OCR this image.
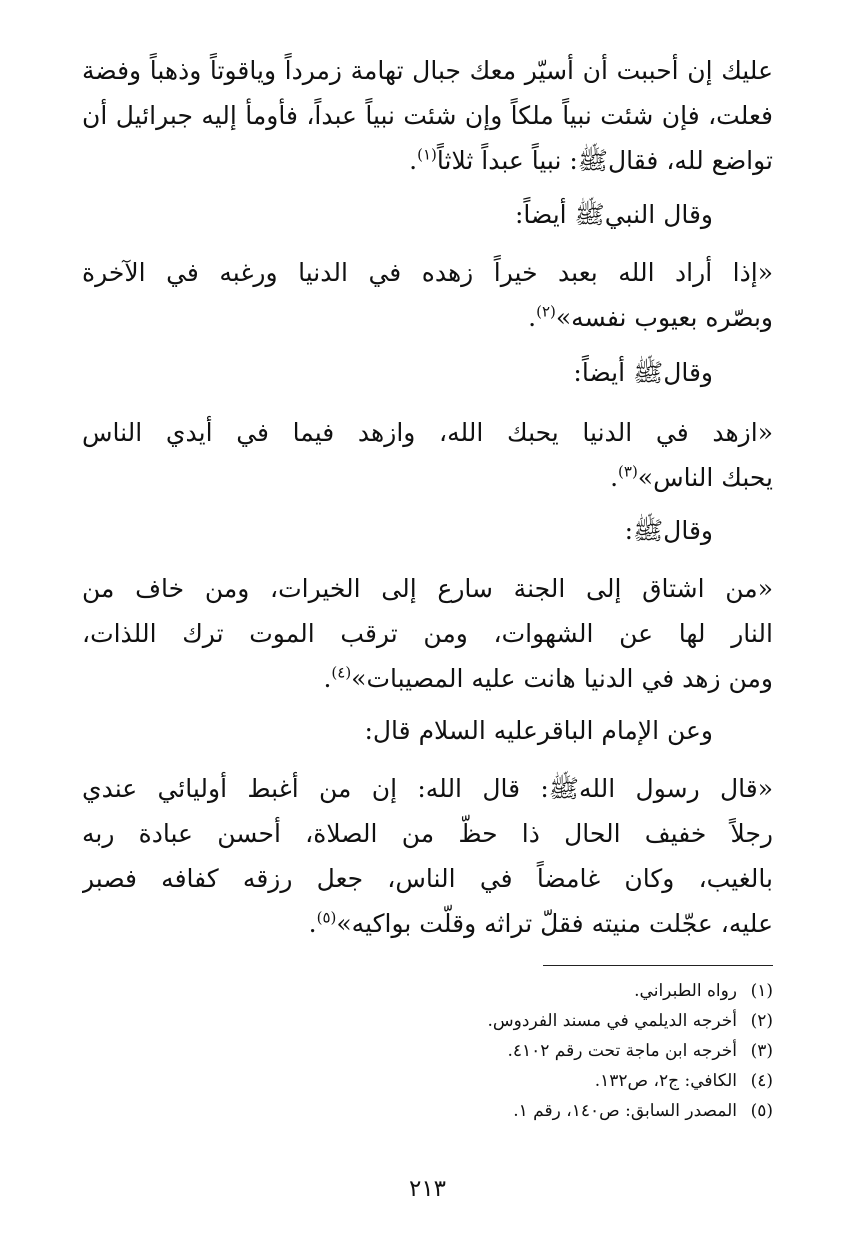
عليك إن أحببت أن أسيّر معك جبال تهامة زمرداً وياقوتاً وذهباً وفضة
فعلت، فإن شئت نبياً ملكاً وإن شئت نبياً عبداً، فأومأ إليه جبرائيل أن
تواضع لله، فقالﷺ: نبياً عبداً ثلاثاً$^{(١)}$.
وقال النبيﷺ أيضاً:
«إذا أراد الله بعبد خيراً زهده في الدنيا ورغبه في الآخرة
وبصّره بعيوب نفسه»$^{(٢)}$.
وقالﷺ أيضاً:
«ازهد في الدنيا يحبك الله، وازهد فيما في أيدي الناس
يحبك الناس»$^{(٣)}$.
وقالﷺ:
«من اشتاق إلى الجنة سارع إلى الخيرات، ومن خاف من
النار لها عن الشهوات، ومن ترقب الموت ترك اللذات،
ومن زهد في الدنيا هانت عليه المصيبات»$^{(٤)}$.
وعن الإمام الباقرعليه السلام قال:
«قال رسول اللهﷺ: قال الله: إن من أغبط أوليائي عندي
رجلاً خفيف الحال ذا حظّ من الصلاة، أحسن عبادة ربه
بالغيب، وكان غامضاً في الناس، جعل رزقه كفافه فصبر
عليه، عجّلت منيته فقلّ تراثه وقلّت بواكيه»$^{(٥)}$.
(١)رواه الطبراني.
(٢)أخرجه الديلمي في مسند الفردوس.
(٣)أخرجه ابن ماجة تحت رقم ٤١٠٢.
(٤)الكافي: ج٢، ص١٣٢.
(٥)المصدر السابق: ص١٤٠، رقم ١.
٢١٣
